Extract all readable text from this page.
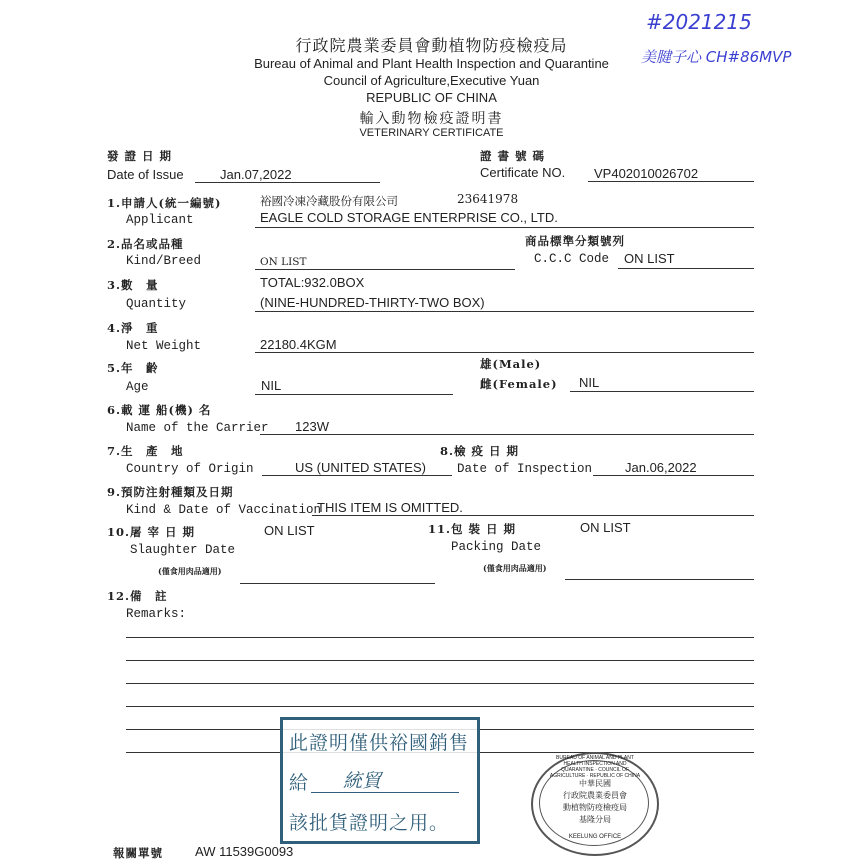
#2021215
美腱子心 CH#86MVP
行政院農業委員會動植物防疫檢疫局
Bureau of Animal and Plant Health Inspection and Quarantine
Council of Agriculture,Executive Yuan
REPUBLIC OF CHINA
輸入動物檢疫證明書
VETERINARY CERTIFICATE
發 證 日 期
Date of Issue	Jan.07,2022
證 書 號 碼
Certificate NO. VP402010026702
1.申請人(統一編號)	裕國冷凍冷藏股份有限公司	23641978
Applicant	EAGLE COLD STORAGE ENTERPRISE CO., LTD.
2.品名或品種	商品標準分類號列
Kind/Breed	ON LIST	C.C.C Code ON LIST
3.數　量	TOTAL:932.0BOX
Quantity	(NINE-HUNDRED-THIRTY-TWO BOX)
4.淨　重
Net Weight	22180.4KGM
5.年　齡	雄(Male)
Age	NIL	雌(Female) NIL
6.載 運 船(機) 名
Name of the Carrier 123W
7.生　產　地	8.檢 疫 日 期
Country of Origin	US (UNITED STATES) Date of Inspection	Jan.06,2022
9.預防注射種類及日期
Kind & Date of Vaccination
THIS ITEM IS OMITTED.
10.屠 宰 日 期	ON LIST
Slaughter Date
(僅食用肉品適用)
11.包 裝 日 期	ON LIST
Packing Date
(僅食用肉品適用)
12.備　註
Remarks:
此證明僅供裕國銷售
給 統貿
該批貨證明之用。
BUREAU OF ANIMAL AND PLANT HEALTH INSPECTION AND QUARANTINE · COUNCIL OF AGRICULTURE · REPUBLIC OF CHINA
中華民國
行政院農業委員會
動植物防疫檢疫局
基隆分局
KEELUNG OFFICE
報關單號 AW 11539G0093
